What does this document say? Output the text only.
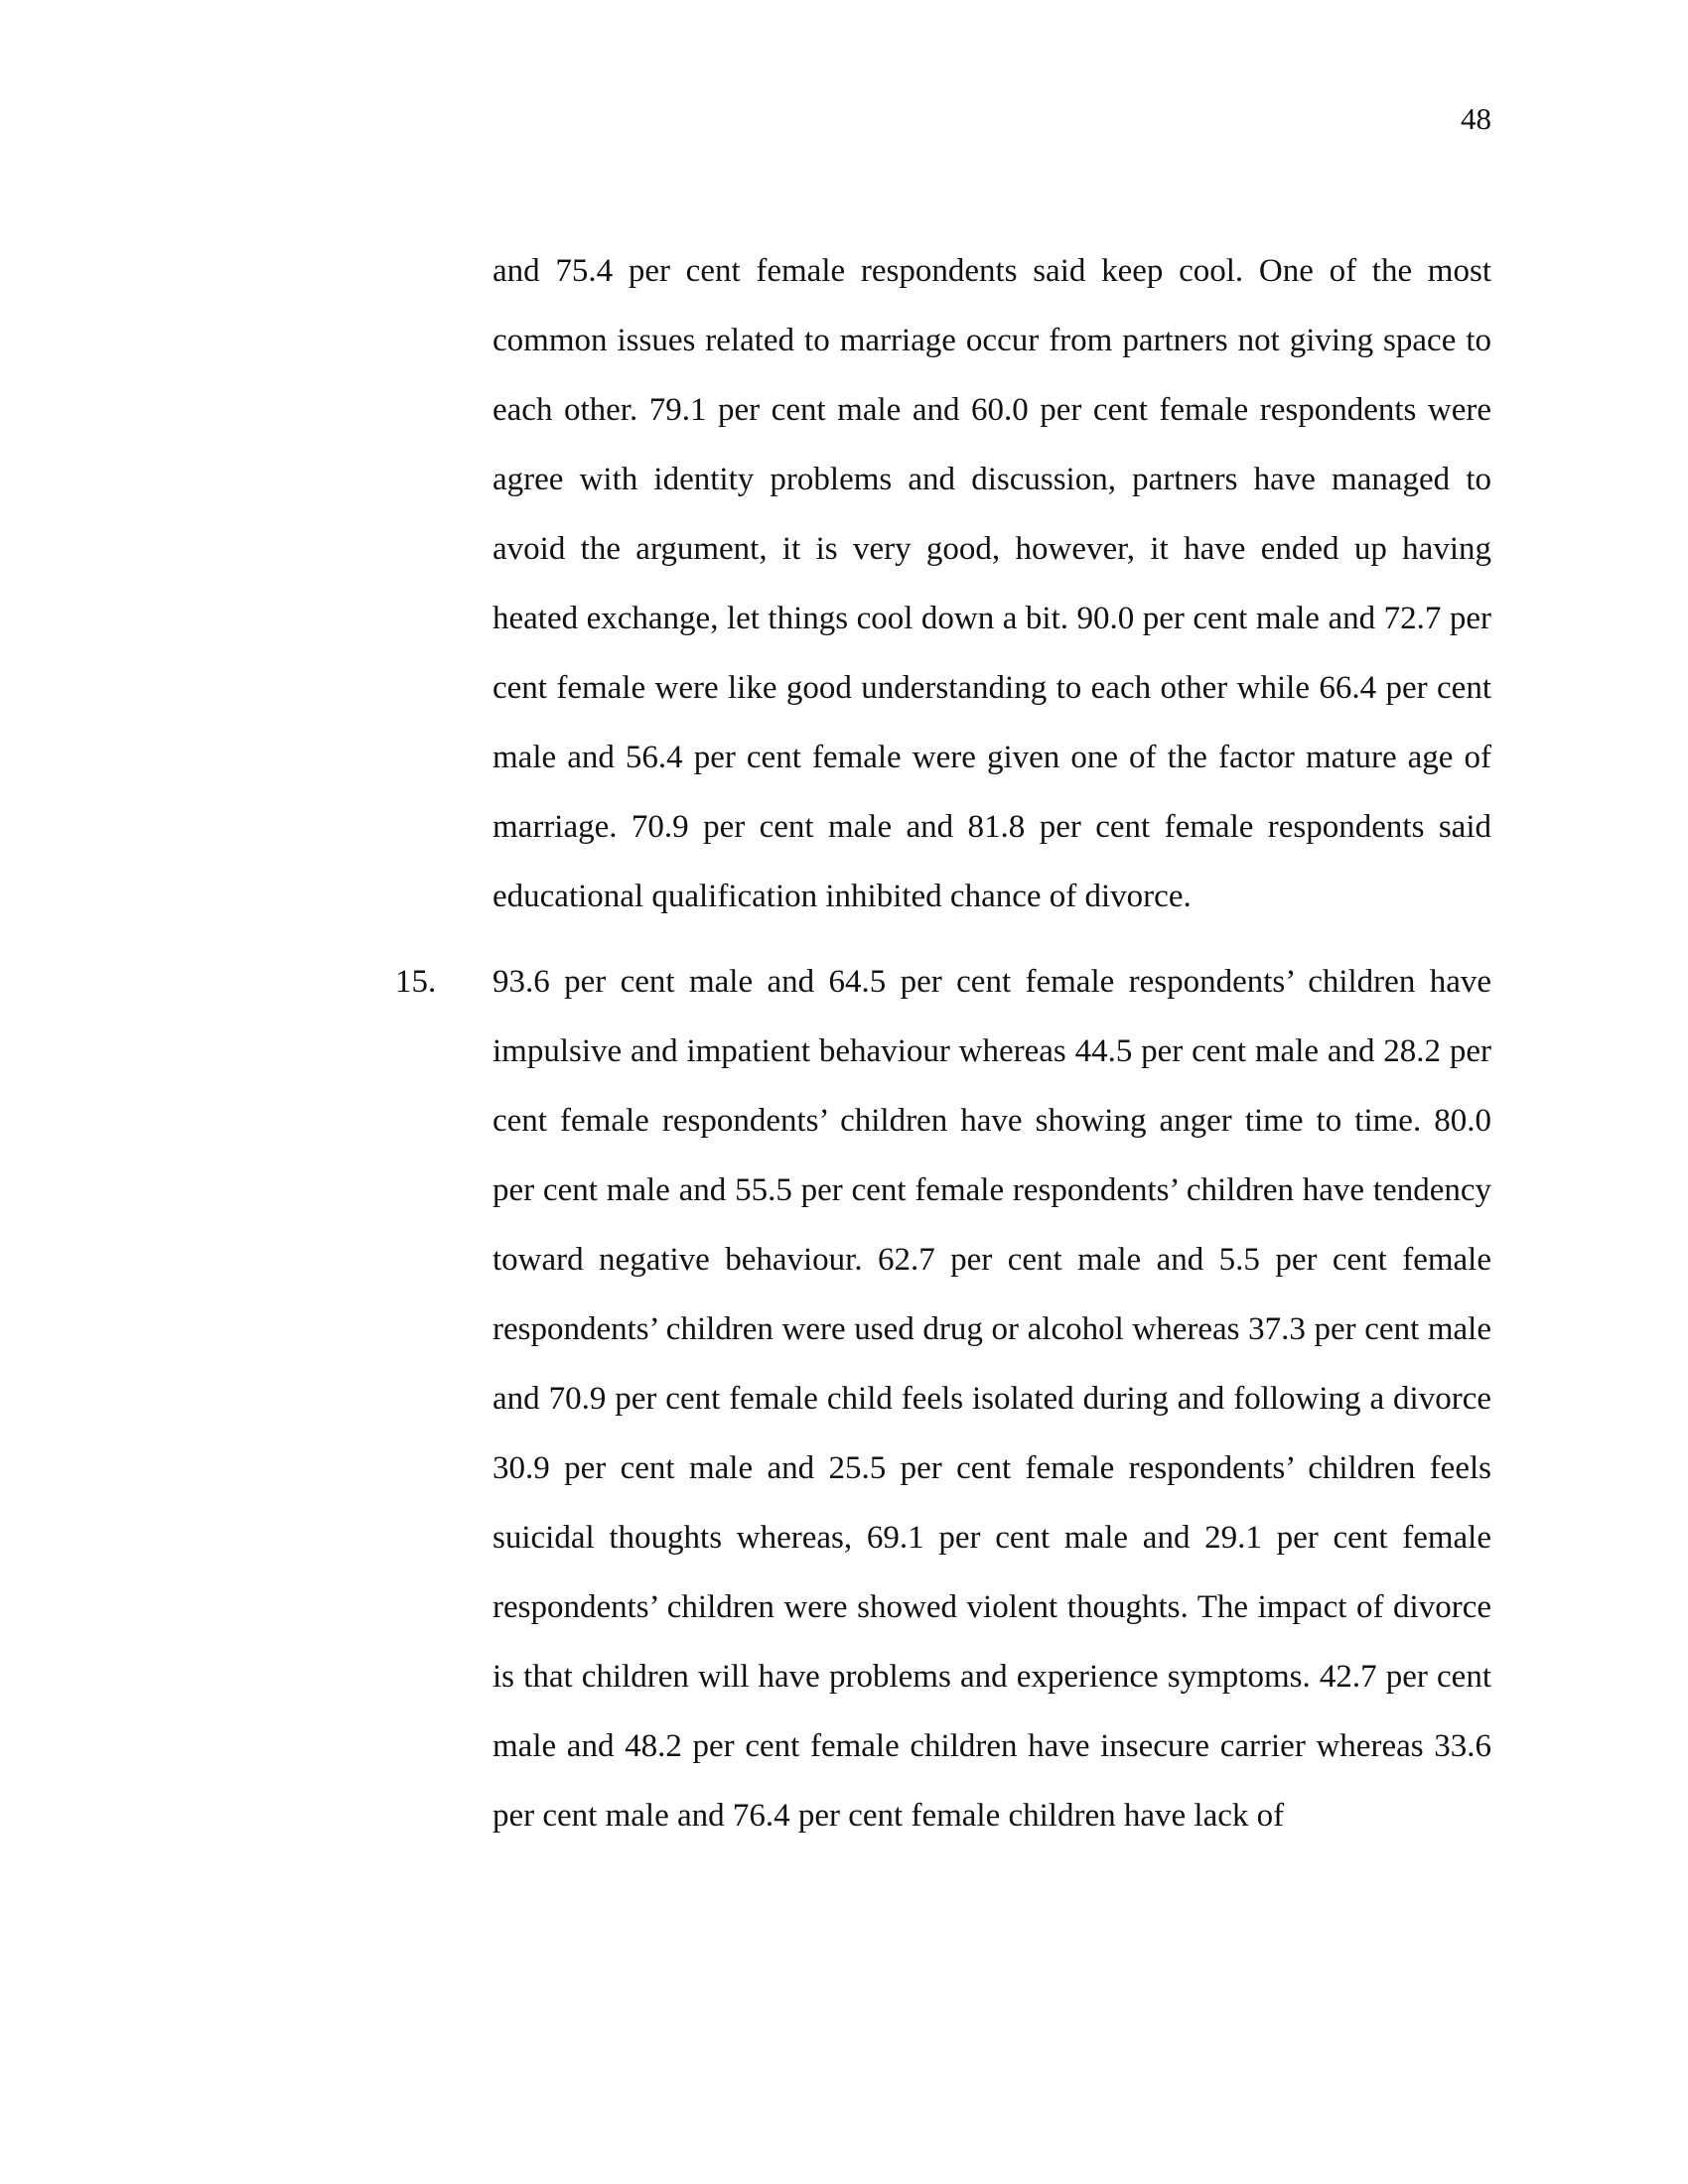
48

and 75.4 per cent female respondents said keep cool. One of the most common issues related to marriage occur from partners not giving space to each other. 79.1 per cent male and 60.0 per cent female respondents were agree with identity problems and discussion, partners have managed to avoid the argument, it is very good, however, it have ended up having heated exchange, let things cool down a bit. 90.0 per cent male and 72.7 per cent female were like good understanding to each other while 66.4 per cent male and 56.4 per cent female were given one of the factor mature age of marriage. 70.9 per cent male and 81.8 per cent female respondents said educational qualification inhibited chance of divorce.

15. 93.6 per cent male and 64.5 per cent female respondents’ children have impulsive and impatient behaviour whereas 44.5 per cent male and 28.2 per cent female respondents’ children have showing anger time to time. 80.0 per cent male and 55.5 per cent female respondents’ children have tendency toward negative behaviour. 62.7 per cent male and 5.5 per cent female respondents’ children were used drug or alcohol whereas 37.3 per cent male and 70.9 per cent female child feels isolated during and following a divorce 30.9 per cent male and 25.5 per cent female respondents’ children feels suicidal thoughts whereas, 69.1 per cent male and 29.1 per cent female respondents’ children were showed violent thoughts. The impact of divorce is that children will have problems and experience symptoms. 42.7 per cent male and 48.2 per cent female children have insecure carrier whereas 33.6 per cent male and 76.4 per cent female children have lack of
